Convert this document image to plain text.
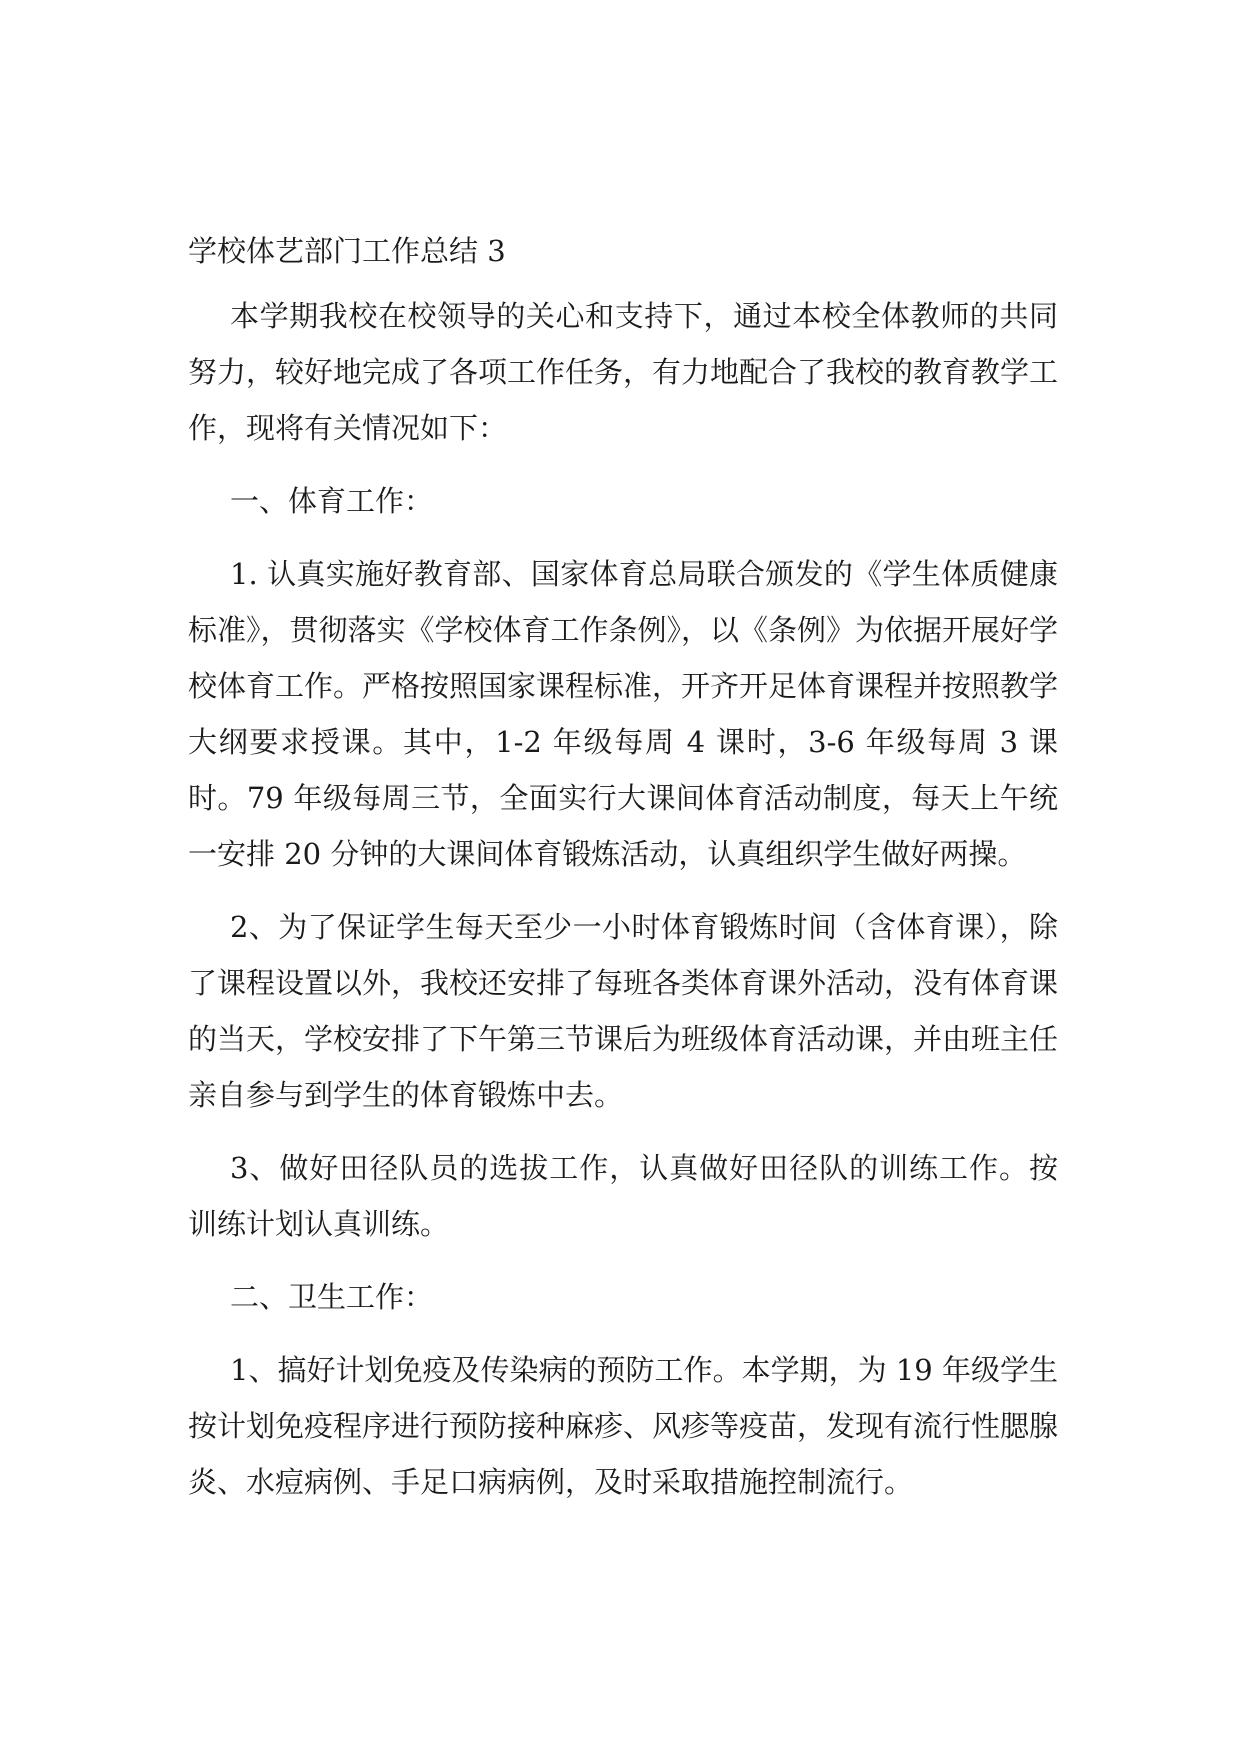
学校体艺部门工作总结 3

本学期我校在校领导的关心和支持下，通过本校全体教师的共同努力，较好地完成了各项工作任务，有力地配合了我校的教育教学工作，现将有关情况如下：

一、体育工作：

1. 认真实施好教育部、国家体育总局联合颁发的《学生体质健康标准》，贯彻落实《学校体育工作条例》，以《条例》为依据开展好学校体育工作。严格按照国家课程标准，开齐开足体育课程并按照教学大纲要求授课。其中，1-2 年级每周 4 课时，3-6 年级每周 3 课时。79 年级每周三节，全面实行大课间体育活动制度，每天上午统一安排 20 分钟的大课间体育锻炼活动，认真组织学生做好两操。

2、为了保证学生每天至少一小时体育锻炼时间（含体育课），除了课程设置以外，我校还安排了每班各类体育课外活动，没有体育课的当天，学校安排了下午第三节课后为班级体育活动课，并由班主任亲自参与到学生的体育锻炼中去。

3、做好田径队员的选拔工作，认真做好田径队的训练工作。按训练计划认真训练。

二、卫生工作：

1、搞好计划免疫及传染病的预防工作。本学期，为 19 年级学生按计划免疫程序进行预防接种麻疹、风疹等疫苗，发现有流行性腮腺炎、水痘病例、手足口病病例，及时采取措施控制流行。
